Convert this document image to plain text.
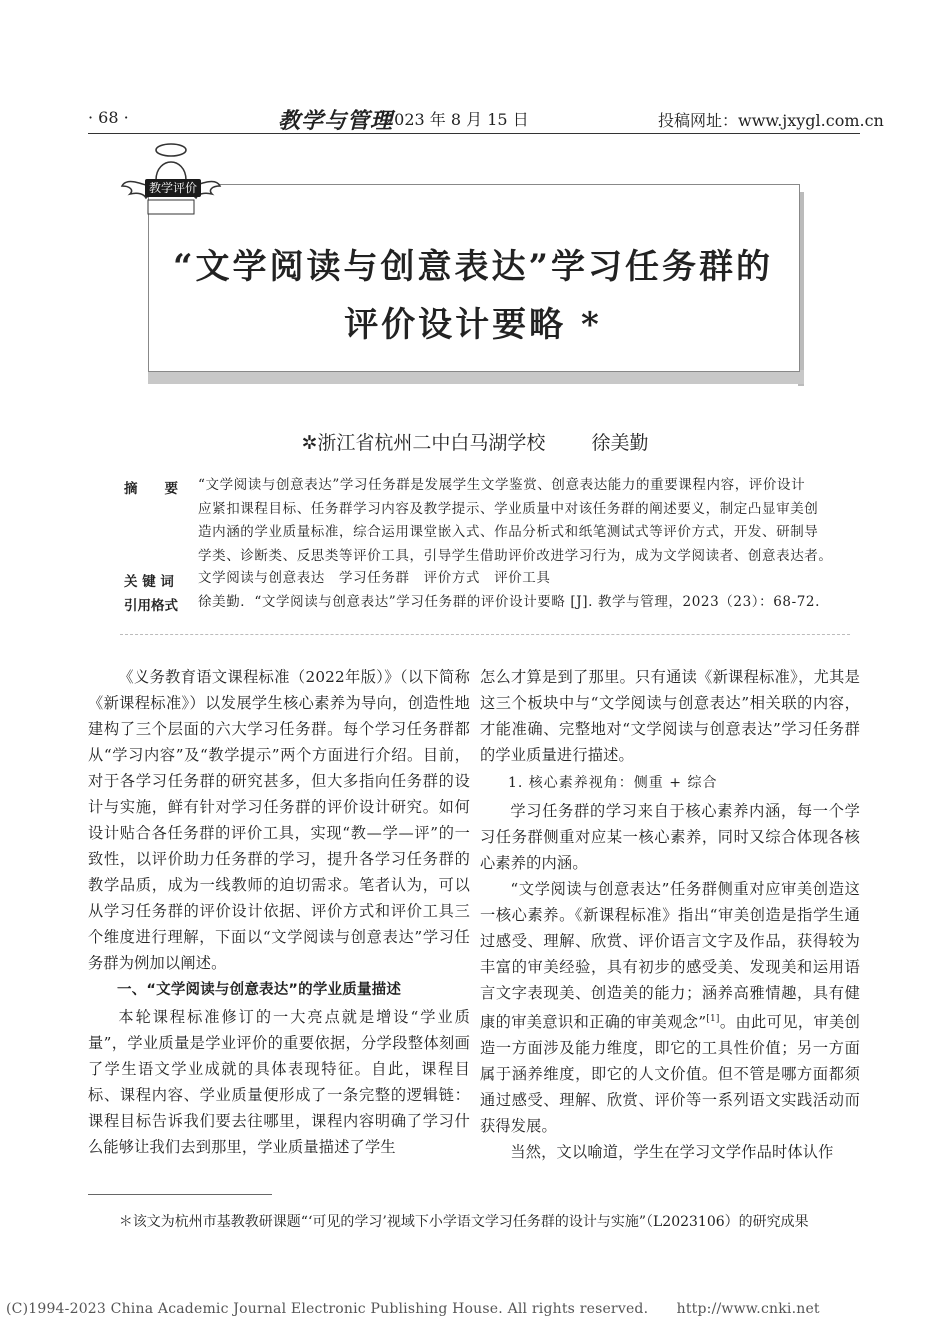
· 68 ·	教学与管理
2023 年 8 月 15 日	投稿网址：www.jxygl.com.cn
教学评价
“文学阅读与创意表达”学习任务群的
评价设计要略 *
✲浙江省杭州二中白马湖学校 徐美勤
摘　　要 “文学阅读与创意表达”学习任务群是发展学生文学鉴赏、创意表达能力的重要课程内容，评价设计
应紧扣课程目标、任务群学习内容及教学提示、学业质量中对该任务群的阐述要义，制定凸显审美创
造内涵的学业质量标准，综合运用课堂嵌入式、作品分析式和纸笔测试式等评价方式，开发、研制导
学类、诊断类、反思类等评价工具，引导学生借助评价改进学习行为，成为文学阅读者、创意表达者。
关 键 词 文学阅读与创意表达　学习任务群　评价方式　评价工具
引用格式 徐美勤．“文学阅读与创意表达”学习任务群的评价设计要略 [J]. 教学与管理，2023（23）：68-72.

《义务教育语文课程标准（2022年版）》（以下简称《新课程标准》）以发展学生核心素养为导向，创造性地建构了三个层面的六大学习任务群。每个学习任务群都从“学习内容”及“教学提示”两个方面进行介绍。目前，对于各学习任务群的研究甚多，但大多指向任务群的设计与实施，鲜有针对学习任务群的评价设计研究。如何设计贴合各任务群的评价工具，实现“教—学—评”的一致性，以评价助力任务群的学习，提升各学习任务群的教学品质，成为一线教师的迫切需求。笔者认为，可以从学习任务群的评价设计依据、评价方式和评价工具三个维度进行理解，下面以“文学阅读与创意表达”学习任务群为例加以阐述。

一、“文学阅读与创意表达”的学业质量描述

本轮课程标准修订的一大亮点就是增设“学业质量”，学业质量是学业评价的重要依据，分学段整体刻画了学生语文学业成就的具体表现特征。自此，课程目标、课程内容、学业质量便形成了一条完整的逻辑链：课程目标告诉我们要去往哪里，课程内容明确了学习什么能够让我们去到那里，学业质量描述了学生

怎么才算是到了那里。只有通读《新课程标准》，尤其是这三个板块中与“文学阅读与创意表达”相关联的内容，才能准确、完整地对“文学阅读与创意表达”学习任务群的学业质量进行描述。

1. 核心素养视角：侧重 + 综合

学习任务群的学习来自于核心素养内涵，每一个学习任务群侧重对应某一核心素养，同时又综合体现各核心素养的内涵。

“文学阅读与创意表达”任务群侧重对应审美创造这一核心素养。《新课程标准》指出“审美创造是指学生通过感受、理解、欣赏、评价语言文字及作品，获得较为丰富的审美经验，具有初步的感受美、发现美和运用语言文字表现美、创造美的能力；涵养高雅情趣，具有健康的审美意识和正确的审美观念”[1]。由此可见，审美创造一方面涉及能力维度，即它的工具性价值；另一方面属于涵养维度，即它的人文价值。但不管是哪方面都须通过感受、理解、欣赏、评价等一系列语文实践活动而获得发展。

当然，文以喻道，学生在学习文学作品时体认作

＊该文为杭州市基教教研课题“‘可见的学习’视域下小学语文学习任务群的设计与实施”（L2023106）的研究成果
(C)1994-2023 China Academic Journal Electronic Publishing House. All rights reserved.　　http://www.cnki.net
